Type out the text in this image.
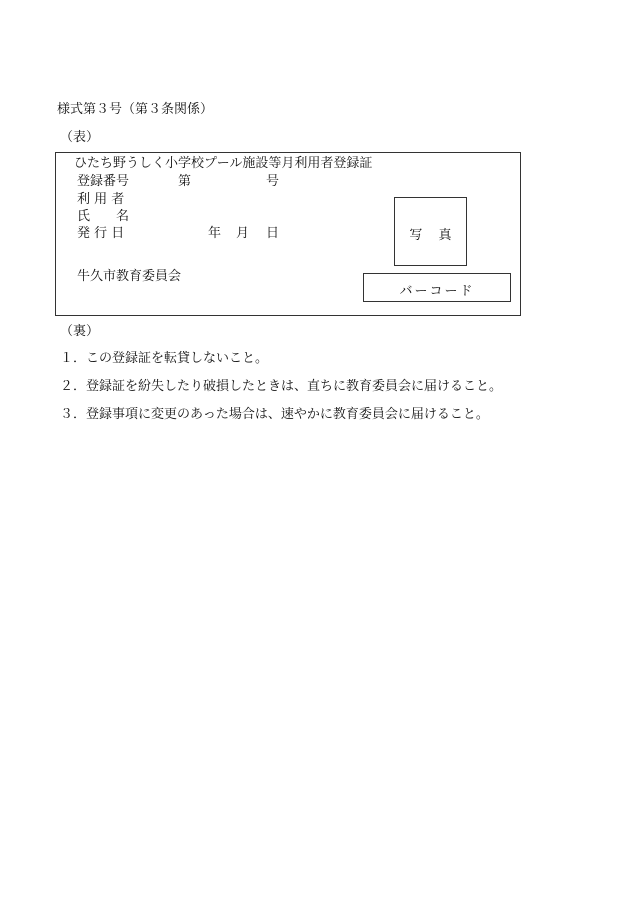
様式第３号（第３条関係）
（表）
ひたち野うしく小学校プール施設等月利用者登録証
登録番号	第	号
利 用 者
氏　　名
発 行 日	年 月 日
牛久市教育委員会
写 真
バーコード
（裏）
１．この登録証を転貸しないこと。
２．登録証を紛失したり破損したときは、直ちに教育委員会に届けること。
３．登録事項に変更のあった場合は、速やかに教育委員会に届けること。
